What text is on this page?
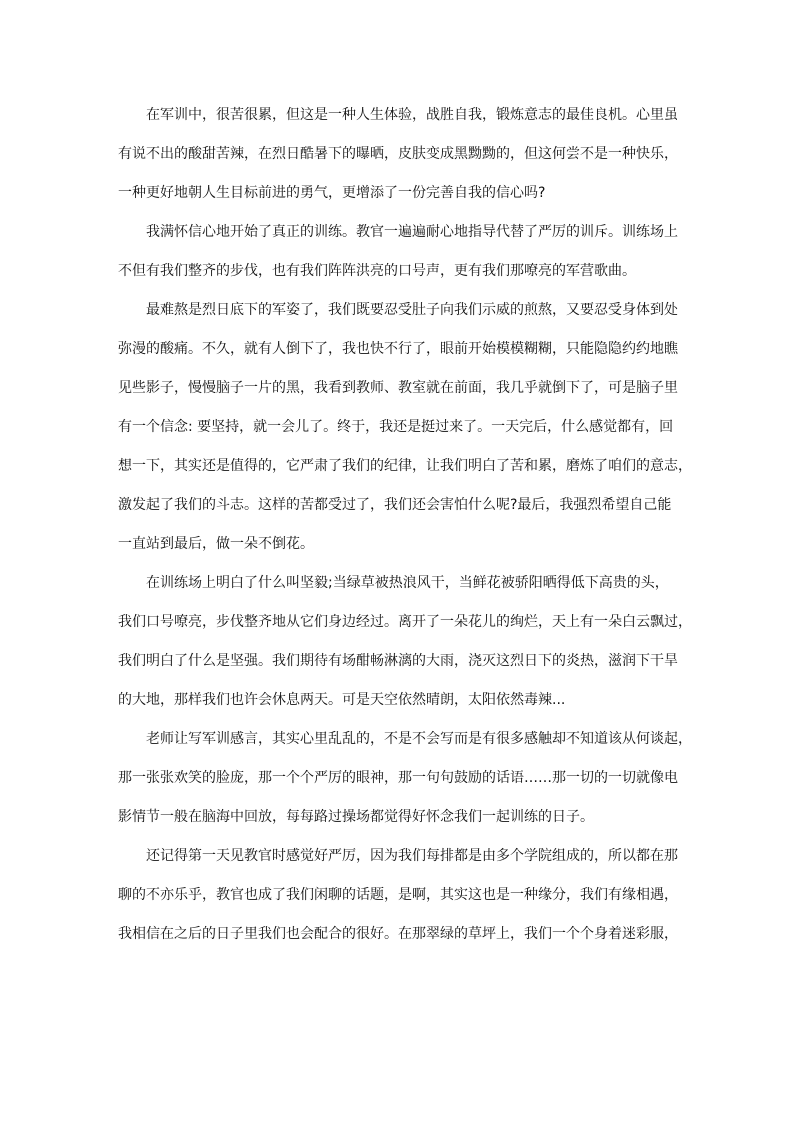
在军训中，很苦很累，但这是一种人生体验，战胜自我，锻炼意志的最佳良机。心里虽
有说不出的酸甜苦辣，在烈日酷暑下的曝晒，皮肤变成黑黝黝的，但这何尝不是一种快乐，
一种更好地朝人生目标前进的勇气，更增添了一份完善自我的信心吗?
我满怀信心地开始了真正的训练。教官一遍遍耐心地指导代替了严厉的训斥。训练场上
不但有我们整齐的步伐，也有我们阵阵洪亮的口号声，更有我们那嘹亮的军营歌曲。
最难熬是烈日底下的军姿了，我们既要忍受肚子向我们示威的煎熬，又要忍受身体到处
弥漫的酸痛。不久，就有人倒下了，我也快不行了，眼前开始模模糊糊，只能隐隐约约地瞧
见些影子，慢慢脑子一片的黑，我看到教师、教室就在前面，我几乎就倒下了，可是脑子里
有一个信念: 要坚持，就一会儿了。终于，我还是挺过来了。一天完后，什么感觉都有，回
想一下，其实还是值得的，它严肃了我们的纪律，让我们明白了苦和累，磨炼了咱们的意志，
激发起了我们的斗志。这样的苦都受过了，我们还会害怕什么呢?最后，我强烈希望自己能
一直站到最后，做一朵不倒花。
在训练场上明白了什么叫坚毅;当绿草被热浪风干，当鲜花被骄阳晒得低下高贵的头，
我们口号嘹亮，步伐整齐地从它们身边经过。离开了一朵花儿的绚烂，天上有一朵白云飘过，
我们明白了什么是坚强。我们期待有场酣畅淋漓的大雨，浇灭这烈日下的炎热，滋润下干旱
的大地，那样我们也许会休息两天。可是天空依然晴朗，太阳依然毒辣...
老师让写军训感言，其实心里乱乱的，不是不会写而是有很多感触却不知道该从何谈起，
那一张张欢笑的脸庞，那一个个严厉的眼神，那一句句鼓励的话语……那一切的一切就像电
影情节一般在脑海中回放，每每路过操场都觉得好怀念我们一起训练的日子。
还记得第一天见教官时感觉好严厉，因为我们每排都是由多个学院组成的，所以都在那
聊的不亦乐乎，教官也成了我们闲聊的话题，是啊，其实这也是一种缘分，我们有缘相遇，
我相信在之后的日子里我们也会配合的很好。在那翠绿的草坪上，我们一个个身着迷彩服，
